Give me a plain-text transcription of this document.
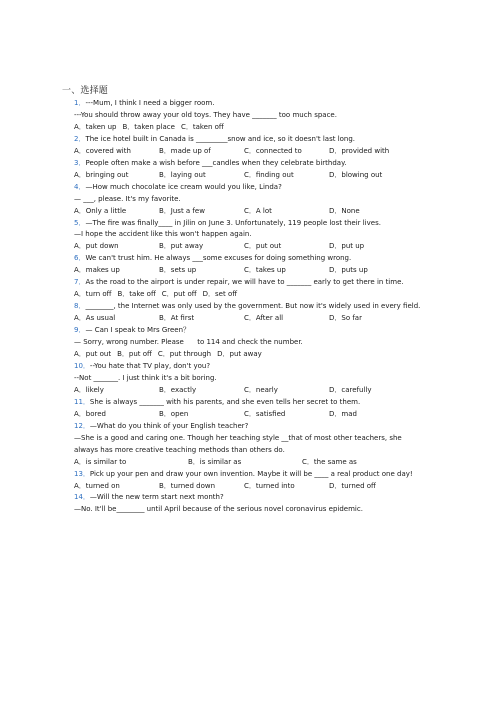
一、选择题
1．---Mum, I think I need a bigger room.
---You should throw away your old toys. They have _______ too much space.
A．taken up B．taken place C．taken off
2．The ice hotel built in Canada is _________snow and ice, so it doesn't last long.
A．covered with	B．made up of	C．connected to	D．provided with
3．People often make a wish before ___candles when they celebrate birthday.
A．bringing out	B．laying out	C．finding out	D．blowing out
4．—How much chocolate ice cream would you like, Linda?
— ___, please. It's my favorite.
A．Only a little	B．Just a few	C．A lot	D．None
5．—The fire was finally____ in Jilin on June 3. Unfortunately, 119 people lost their lives.
—I hope the accident like this won't happen again.
A．put down	B．put away	C．put out	D．put up
6．We can't trust him. He always ___some excuses for doing something wrong.
A．makes up	B．sets up	C．takes up	D．puts up
7．As the road to the airport is under repair, we will have to _______ early to get there in time.
A．turn off B．take off C．put off D．set off
8．________, the Internet was only used by the government. But now it's widely used in every field.
A．As usual	B．At first	C．After all	D．So far
9．— Can I speak to Mrs Green？
— Sorry, wrong number. Please      to 114 and check the number.
A．put out B．put off C．put through D．put away
10．--You hate that TV play, don't you?
--Not _______. I just think it's a bit boring.
A．likely	B．exactly	C．nearly	D．carefully
11．She is always _______ with his parents, and she even tells her secret to them.
A．bored	B．open	C．satisfied	D．mad
12．—What do you think of your English teacher?
—She is a good and caring one. Though her teaching style __that of most other teachers, she always has more creative teaching methods than others do.
A．is similar to	B．is similar as	C．the same as
13．Pick up your pen and draw your own invention. Maybe it will be ____ a real product one day!
A．turned on	B．turned down	C．turned into	D．turned off
14．—Will the new term start next month?
—No. It'll be________ until April because of the serious novel coronavirus epidemic.
